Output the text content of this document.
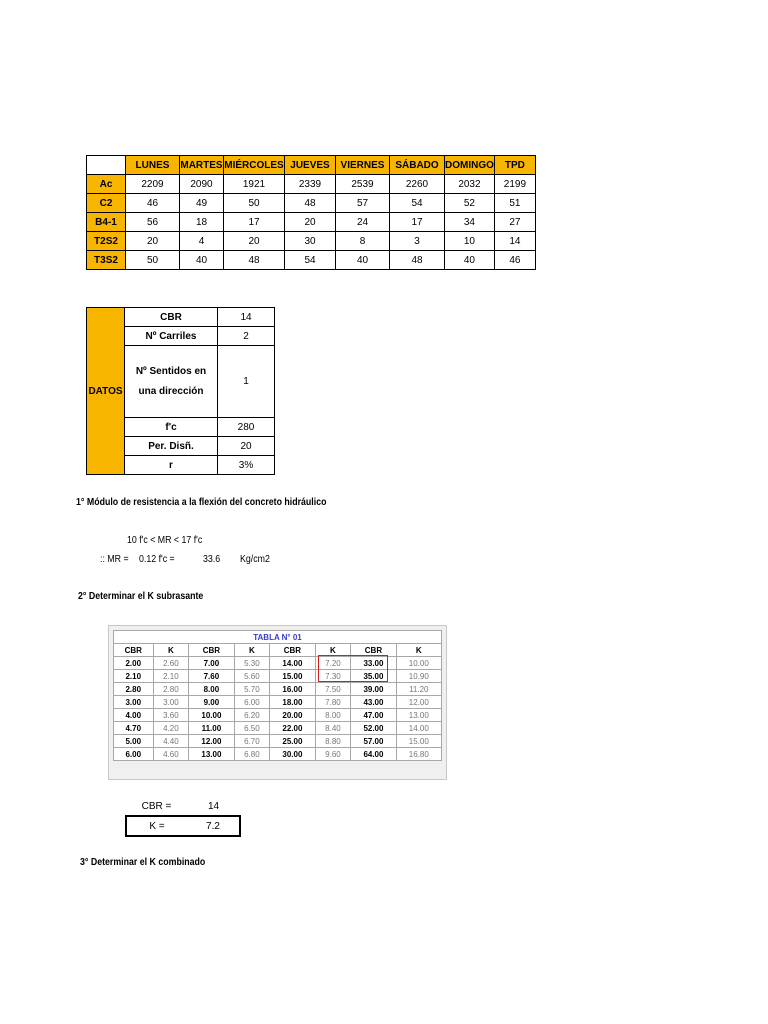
	LUNES	MARTES	MIÉRCOLES	JUEVES	VIERNES	SÁBADO	DOMINGO	TPD
Ac	2209	2090	1921	2339	2539	2260	2032	2199
C2	46	49	50	48	57	54	52	51
B4-1	56	18	17	20	24	17	34	27
T2S2	20	4	20	30	8	3	10	14
T3S2	50	40	48	54	40	48	40	46
DATOS	CBR	14
	Nº Carriles	2
	Nº Sentidos en una dirección	1
	f'c	280
	Per. Disñ.	20
	r	3%
1° Módulo de resistencia a la flexión del concreto hidráulico
10 f'c < MR < 17 f'c
:: MR =	0.12 f'c =	33.6 Kg/cm2
2° Determinar el K subrasante
TABLA N° 01							
CBR	K	CBR	K	CBR	K	CBR	K
2.00	2.60	7.00	5.30	14.00	7.20	33.00	10.00
2.10	2.10	7.60	5.60	15.00	7.30	35.00	10.90
2.80	2.80	8.00	5.70	16.00	7.50	39.00	11.20
3.00	3.00	9.00	6.00	18.00	7.80	43.00	12.00
4.00	3.60	10.00	6.20	20.00	8.00	47.00	13.00
4.70	4.20	11.00	6.50	22.00	8.40	52.00	14.00
5.00	4.40	12.00	6.70	25.00	8.80	57.00	15.00
6.00	4.60	13.00	6.80	30.00	9.60	64.00	16.80
CBR =	14
K =	7.2
3° Determinar el K combinado
